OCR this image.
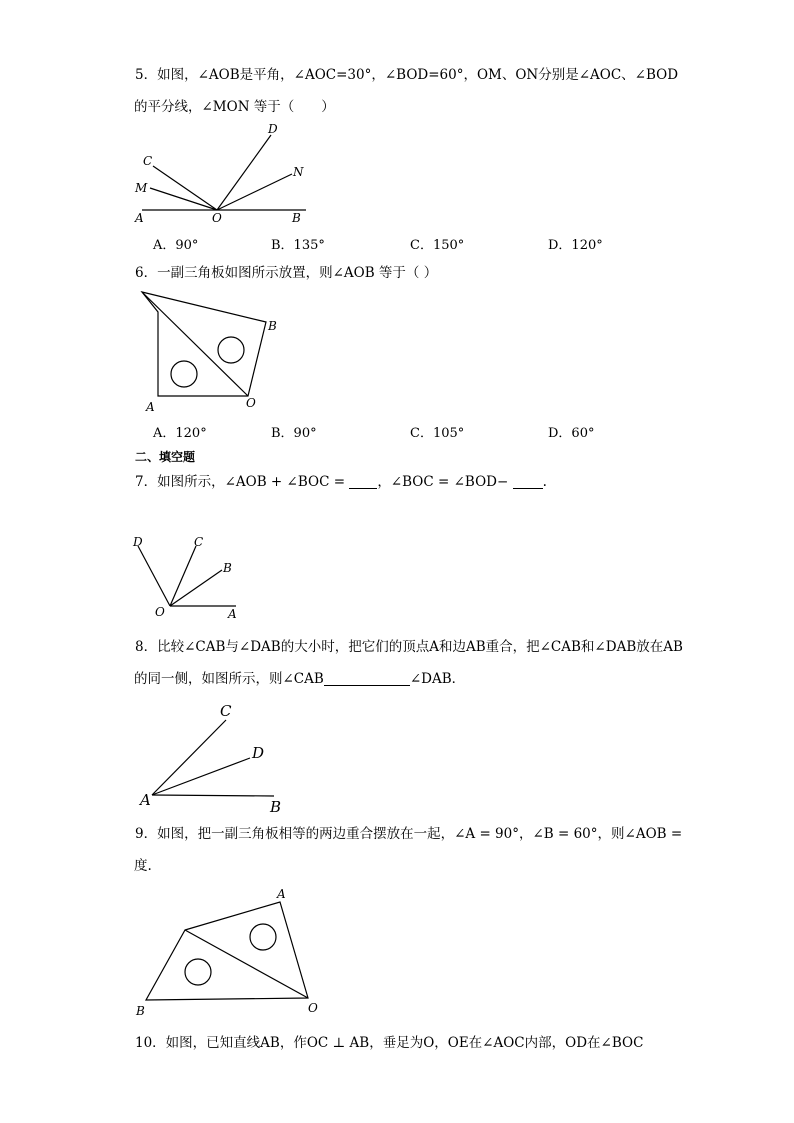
5．如图，∠AOB是平角，∠AOC=30°，∠BOD=60°，OM、ON分别是∠AOC、∠BOD
的平分线，∠MON 等于（　　）
C
M
A	O	B
D
N
A．90°	B．135°	C．150°	D．120°
6．一副三角板如图所示放置，则∠AOB 等于（ ）
B
A	O
A．120°	B．90°	C．105°	D．60°
二、填空题
7．如图所示，∠AOB + ∠BOC = ，∠BOC = ∠BOD− .
D	C
B
O	A
8．比较∠CAB与∠DAB的大小时，把它们的顶点A和边AB重合，把∠CAB和∠DAB放在AB
的同一侧，如图所示，则∠CAB	∠DAB．
C
D
A	B
9．如图，把一副三角板相等的两边重合摆放在一起，∠A = 90°，∠B = 60°，则∠AOB =
度.
A
B	O
10．如图，已知直线AB，作OC ⊥ AB，垂足为O，OE在∠AOC内部，OD在∠BOC
